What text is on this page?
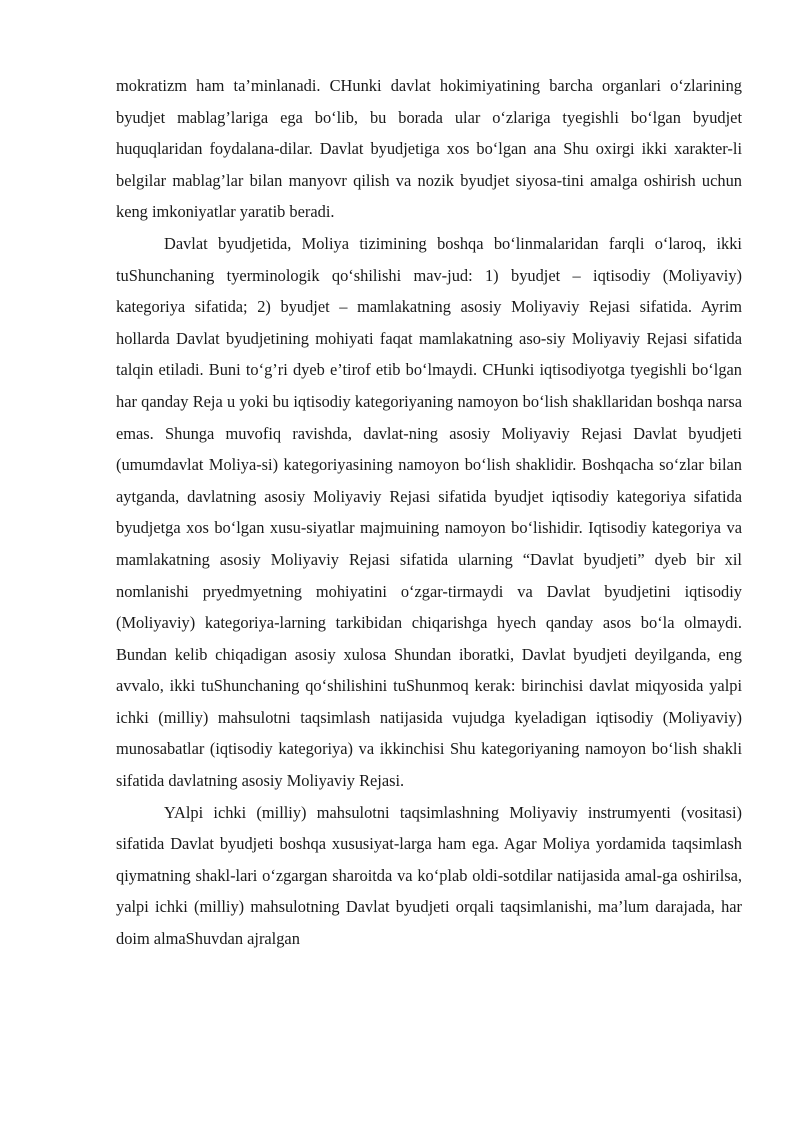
mokratizm ham ta’minlanadi. CHunki davlat hokimiyatining barcha organlari o‘zlarining byudjet mablag’lariga ega bo‘lib, bu borada ular o‘zlariga tyegishli bo‘lgan byudjet huquqlaridan foydalana-dilar. Davlat byudjetiga xos bo‘lgan ana Shu oxirgi ikki xarakter-li belgilar mablag’lar bilan manyovr qilish va nozik byudjet siyosa-tini amalga oshirish uchun keng imkoniyatlar yaratib beradi.

Davlat byudjetida, Moliya tizimining boshqa bo‘linmalaridan farqli o‘laroq, ikki tuShunchaning tyerminologik qo‘shilishi mav-jud: 1) byudjet – iqtisodiy (Moliyaviy) kategoriya sifatida; 2) byudjet – mamlakatning asosiy Moliyaviy Rejasi sifatida. Ayrim hollarda Davlat byudjetining mohiyati faqat mamlakatning aso-siy Moliyaviy Rejasi sifatida talqin etiladi. Buni to‘g’ri dyeb e’tirof etib bo‘lmaydi. CHunki iqtisodiyotga tyegishli bo‘lgan har qanday Reja u yoki bu iqtisodiy kategoriyaning namoyon bo‘lish shakllaridan boshqa narsa emas. Shunga muvofiq ravishda, davlat-ning asosiy Moliyaviy Rejasi Davlat byudjeti (umumdavlat Moliya-si) kategoriyasining namoyon bo‘lish shaklidir. Boshqacha so‘zlar bilan aytganda, davlatning asosiy Moliyaviy Rejasi sifatida byudjet iqtisodiy kategoriya sifatida byudjetga xos bo‘lgan xusu-siyatlar majmuining namoyon bo‘lishidir. Iqtisodiy kategoriya va mamlakatning asosiy Moliyaviy Rejasi sifatida ularning “Davlat byudjeti” dyeb bir xil nomlanishi pryedmyetning mohiyatini o‘zgar-tirmaydi va Davlat byudjetini iqtisodiy (Moliyaviy) kategoriya-larning tarkibidan chiqarishga hyech qanday asos bo‘la olmaydi. Bundan kelib chiqadigan asosiy xulosa Shundan iboratki, Davlat byudjeti deyilganda, eng avvalo, ikki tuShunchaning qo‘shilishini tuShunmoq kerak: birinchisi davlat miqyosida yalpi ichki (milliy) mahsulotni taqsimlash natijasida vujudga kyeladigan iqtisodiy (Moliyaviy) munosabatlar (iqtisodiy kategoriya) va ikkinchisi Shu kategoriyaning namoyon bo‘lish shakli sifatida davlatning asosiy Moliyaviy Rejasi.

YAlpi ichki (milliy) mahsulotni taqsimlashning Moliyaviy instrumyenti (vositasi) sifatida Davlat byudjeti boshqa xususiyat-larga ham ega. Agar Moliya yordamida taqsimlash qiymatning shakl-lari o‘zgargan sharoitda va ko‘plab oldi-sotdilar natijasida amal-ga oshirilsa, yalpi ichki (milliy) mahsulotning Davlat byudjeti orqali taqsimlanishi, ma’lum darajada, har doim almaShuvdan ajralgan
